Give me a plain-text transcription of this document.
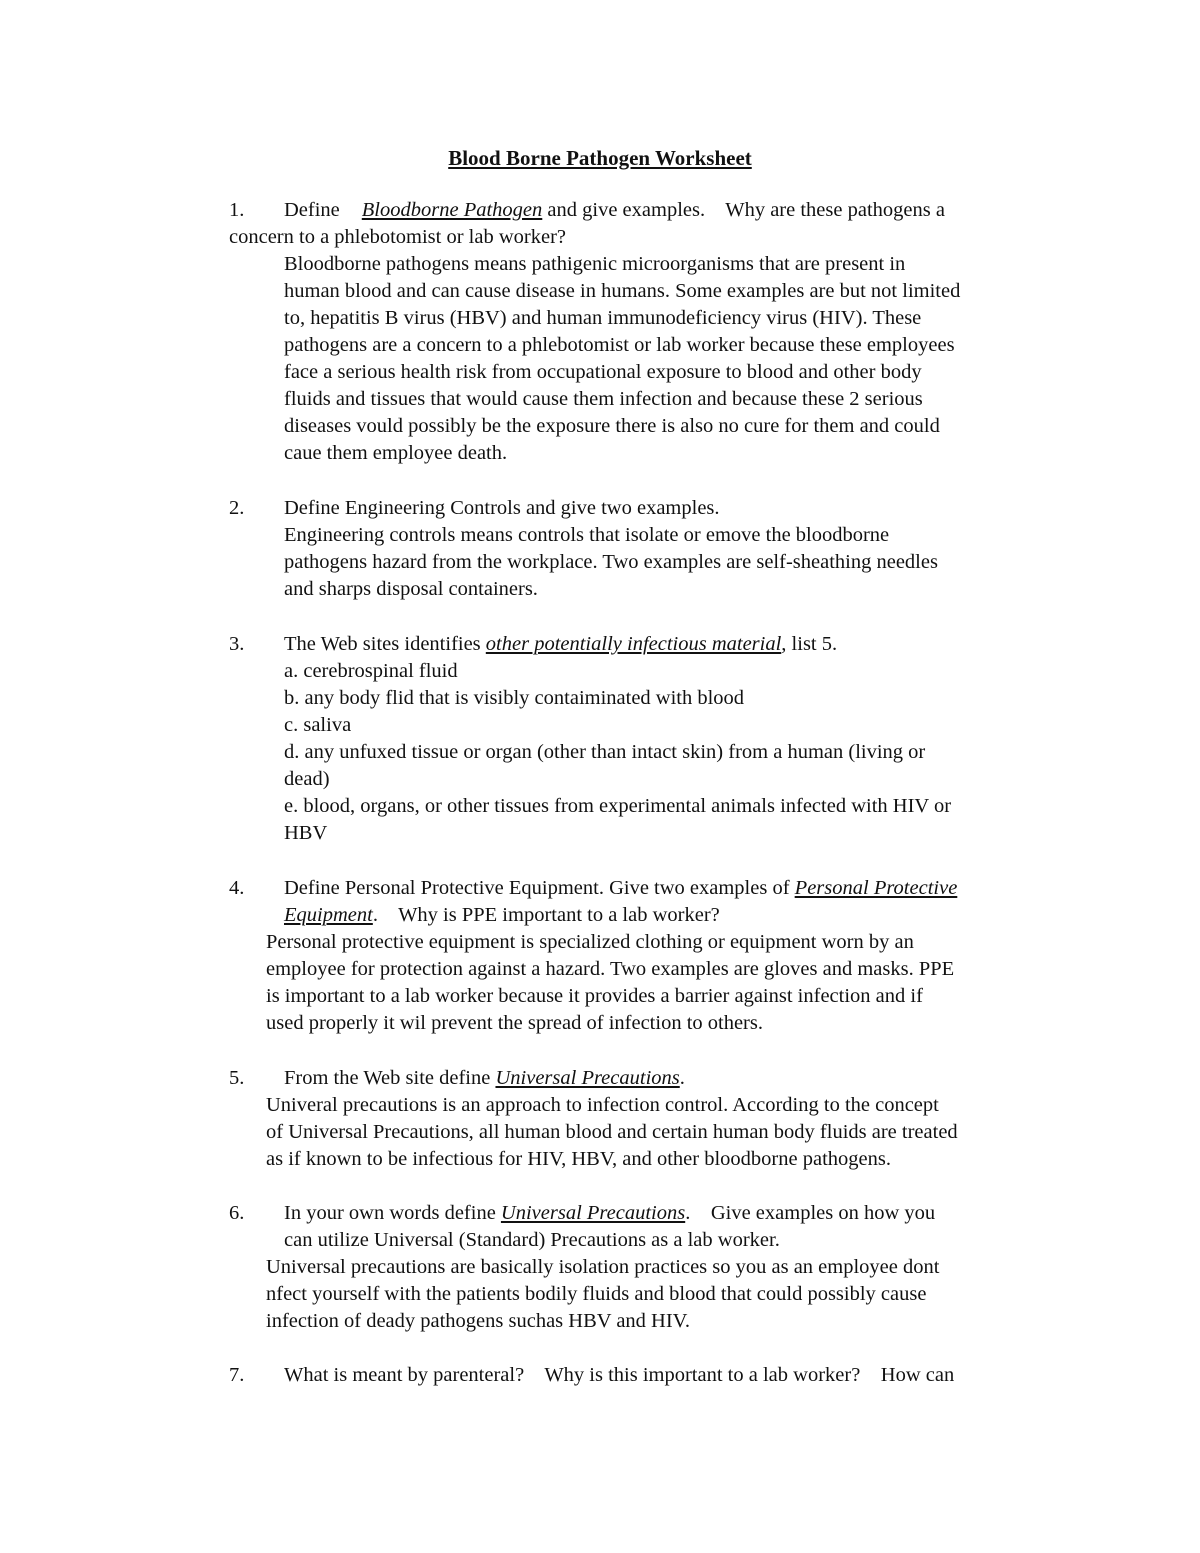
Blood Borne Pathogen Worksheet
1. Define Bloodborne Pathogen and give examples.    Why are these pathogens a
concern to a phlebotomist or lab worker?
Bloodborne pathogens means pathigenic microorganisms that are present in
human blood and can cause disease in humans. Some examples are but not limited
to, hepatitis B virus (HBV) and human immunodeficiency virus (HIV). These
pathogens are a concern to a phlebotomist or lab worker because these employees
face a serious health risk from occupational exposure to blood and other body
fluids and tissues that would cause them infection and because these 2 serious
diseases vould possibly be the exposure there is also no cure for them and could
caue them employee death.
2. Define Engineering Controls and give two examples.
Engineering controls means controls that isolate or emove the bloodborne
pathogens hazard from the workplace. Two examples are self-sheathing needles
and sharps disposal containers.
3. The Web sites identifies other potentially infectious material, list 5.
a. cerebrospinal fluid
b. any body flid that is visibly contaiminated with blood
c. saliva
d. any unfuxed tissue or organ (other than intact skin) from a human (living or
dead)
e. blood, organs, or other tissues from experimental animals infected with HIV or
HBV
4. Define Personal Protective Equipment. Give two examples of Personal Protective
Equipment.    Why is PPE important to a lab worker?
Personal protective equipment is specialized clothing or equipment worn by an
employee for protection against a hazard. Two examples are gloves and masks. PPE
is important to a lab worker because it provides a barrier against infection and if
used properly it wil prevent the spread of infection to others.
5. From the Web site define Universal Precautions.
Univeral precautions is an approach to infection control. According to the concept
of Universal Precautions, all human blood and certain human body fluids are treated
as if known to be infectious for HIV, HBV, and other bloodborne pathogens.
6. In your own words define Universal Precautions.    Give examples on how you
can utilize Universal (Standard) Precautions as a lab worker.
Universal precautions are basically isolation practices so you as an employee dont
nfect yourself with the patients bodily fluids and blood that could possibly cause
infection of deady pathogens suchas HBV and HIV.
7. What is meant by parenteral?    Why is this important to a lab worker?    How can
